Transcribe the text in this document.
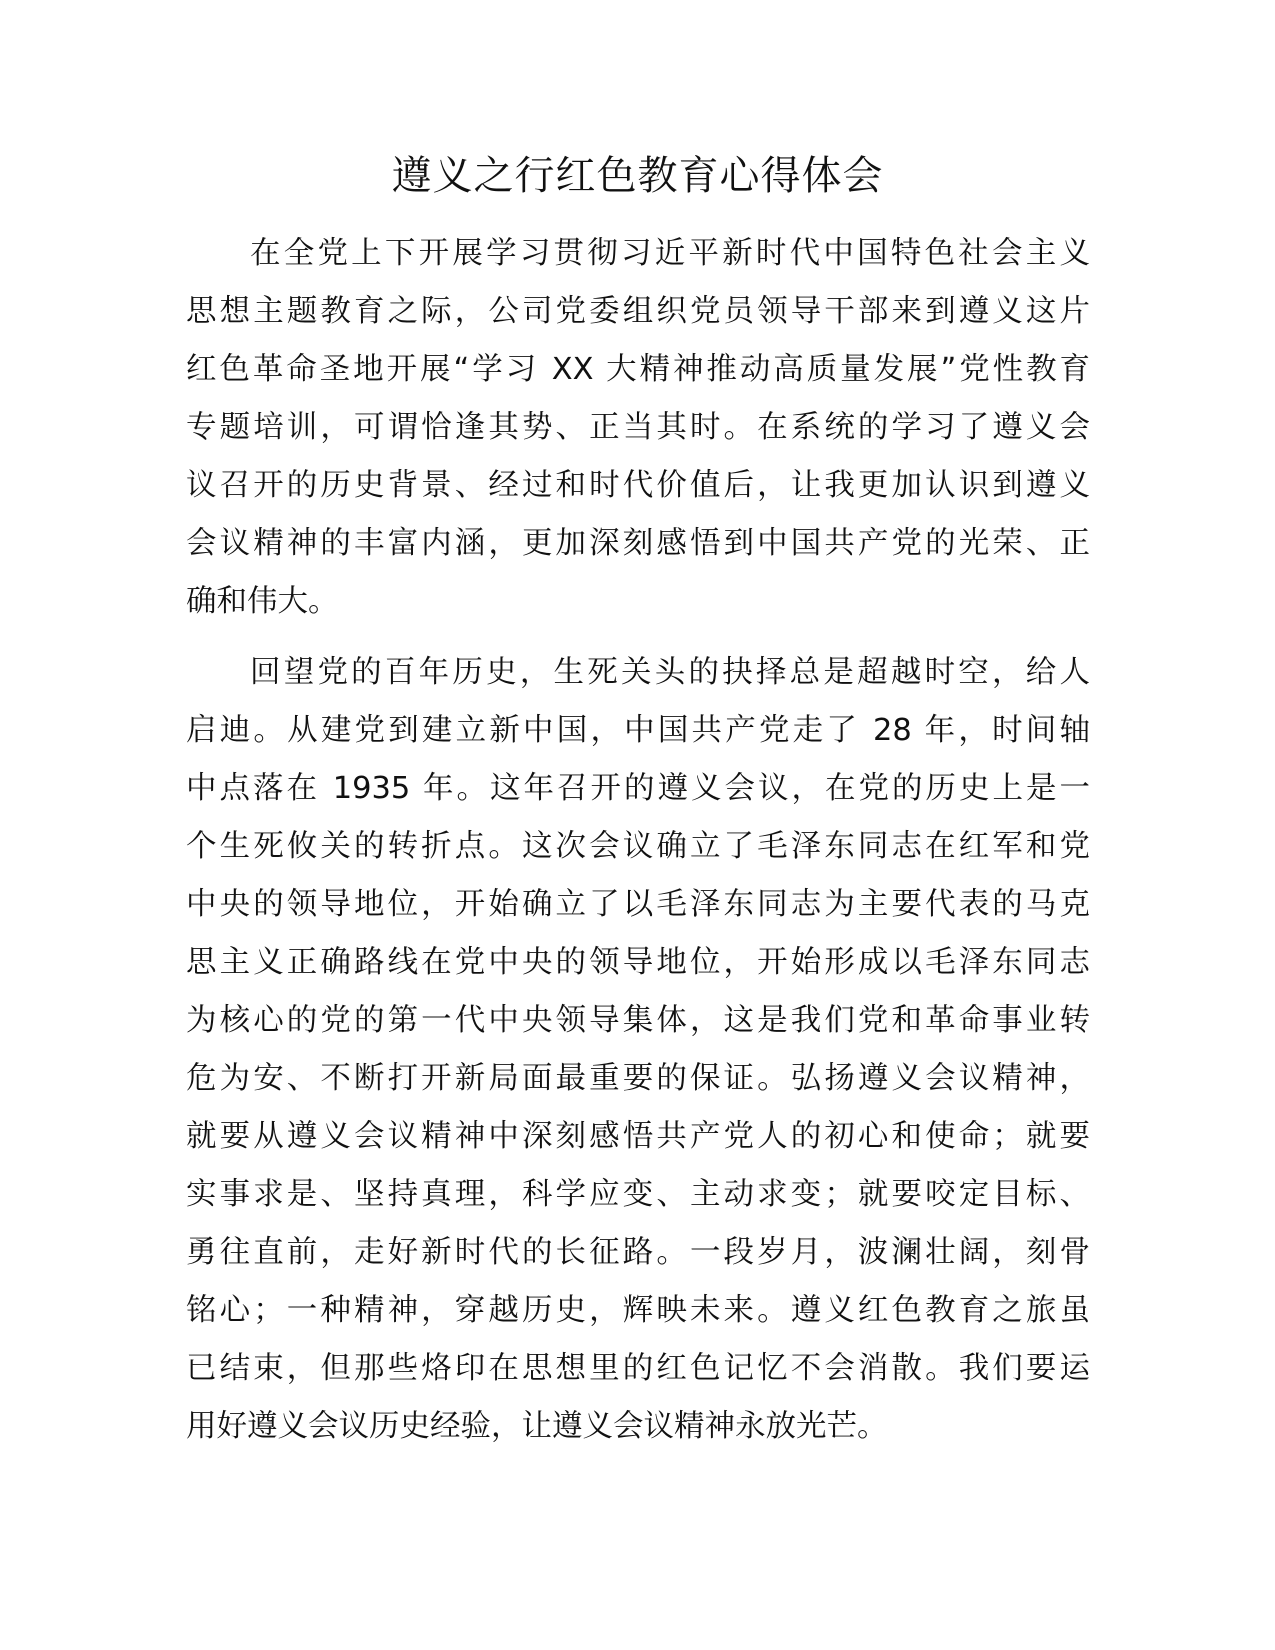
遵义之行红色教育心得体会
在全党上下开展学习贯彻习近平新时代中国特色社会主义
思想主题教育之际，公司党委组织党员领导干部来到遵义这片
红色革命圣地开展“学习 XX 大精神推动高质量发展”党性教育
专题培训，可谓恰逢其势、正当其时。在系统的学习了遵义会
议召开的历史背景、经过和时代价值后，让我更加认识到遵义
会议精神的丰富内涵，更加深刻感悟到中国共产党的光荣、正
确和伟大。
回望党的百年历史，生死关头的抉择总是超越时空，给人
启迪。从建党到建立新中国，中国共产党走了 28 年，时间轴
中点落在 1935 年。这年召开的遵义会议，在党的历史上是一
个生死攸关的转折点。这次会议确立了毛泽东同志在红军和党
中央的领导地位，开始确立了以毛泽东同志为主要代表的马克
思主义正确路线在党中央的领导地位，开始形成以毛泽东同志
为核心的党的第一代中央领导集体，这是我们党和革命事业转
危为安、不断打开新局面最重要的保证。弘扬遵义会议精神，
就要从遵义会议精神中深刻感悟共产党人的初心和使命；就要
实事求是、坚持真理，科学应变、主动求变；就要咬定目标、
勇往直前，走好新时代的长征路。一段岁月，波澜壮阔，刻骨
铭心；一种精神，穿越历史，辉映未来。遵义红色教育之旅虽
已结束，但那些烙印在思想里的红色记忆不会消散。我们要运
用好遵义会议历史经验，让遵义会议精神永放光芒。
